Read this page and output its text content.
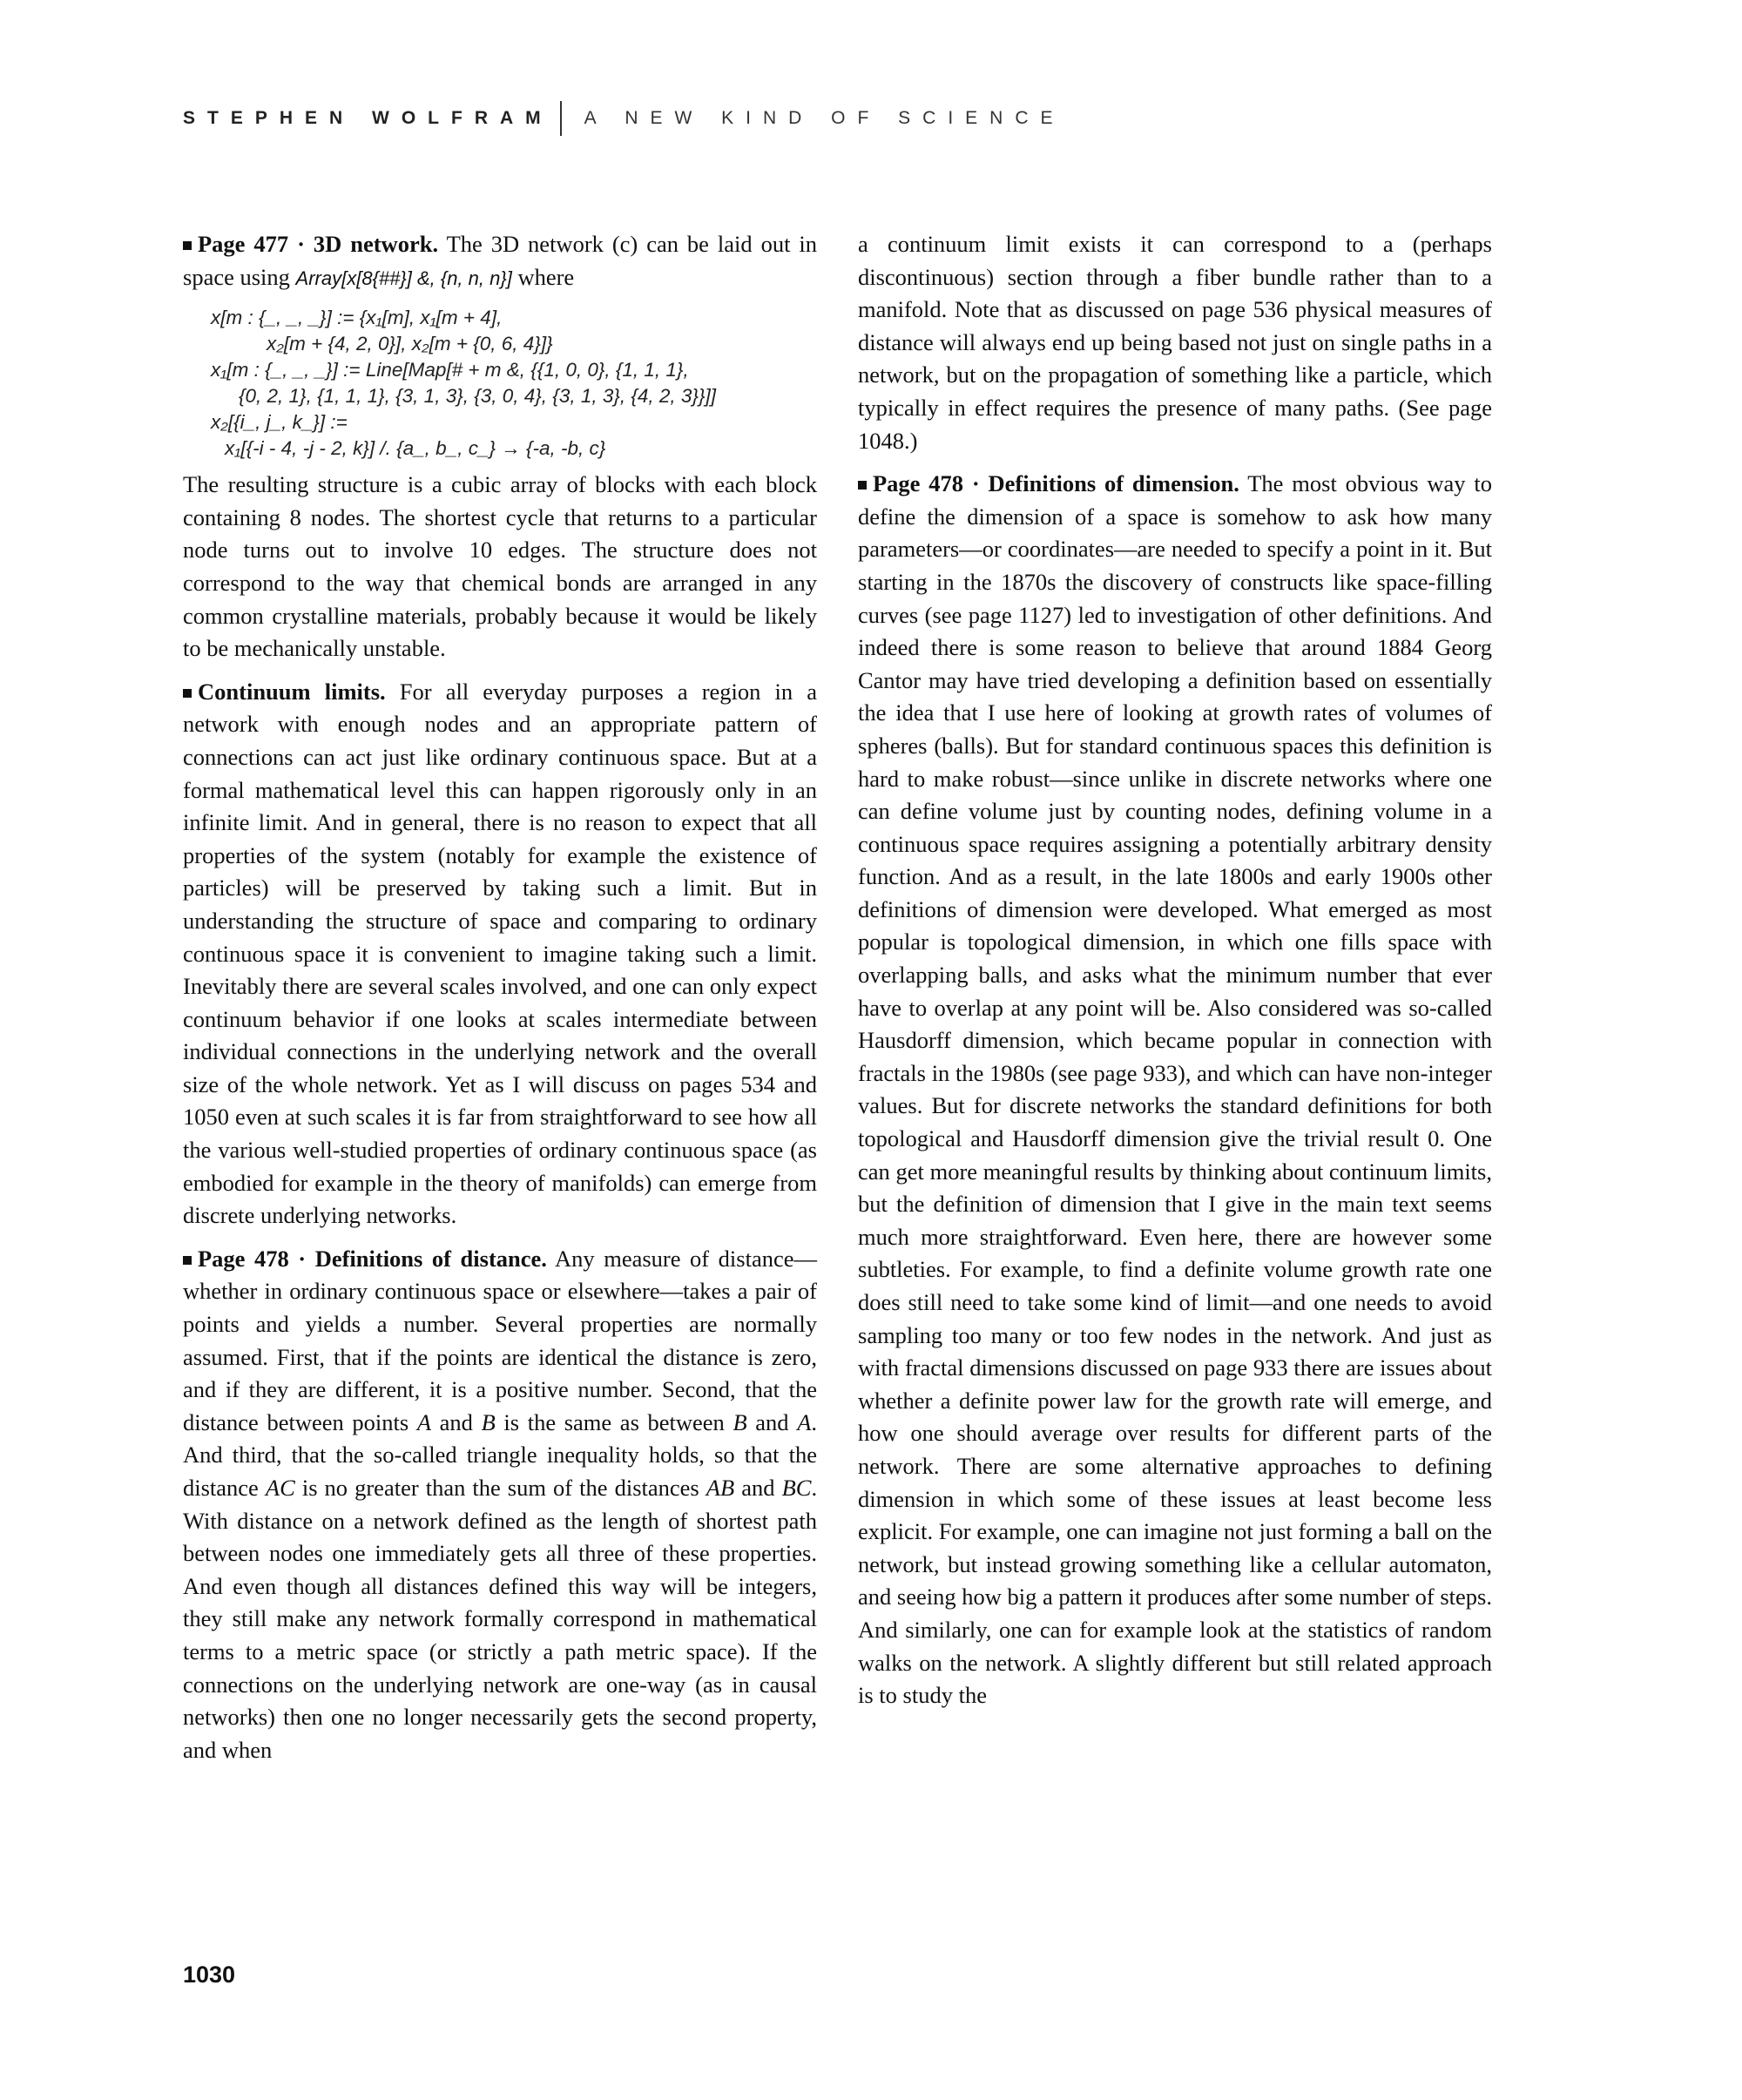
STEPHEN WOLFRAM A NEW KIND OF SCIENCE

Page 477 · 3D network. The 3D network (c) can be laid out in space using Array[x[8{##}] &, {n, n, n}] where

x[m : {_, _, _}] := {x₁[m], x₁[m + 4],
x₂[m + {4, 2, 0}], x₂[m + {0, 6, 4}]}
x₁[m : {_, _, _}] := Line[Map[# + m &, {{1, 0, 0}, {1, 1, 1},
{0, 2, 1}, {1, 1, 1}, {3, 1, 3}, {3, 0, 4}, {3, 1, 3}, {4, 2, 3}}]]
x₂[{i_, j_, k_}] :=
x₁[{-i - 4, -j - 2, k}] /. {a_, b_, c_} → {-a, -b, c}

The resulting structure is a cubic array of blocks with each block containing 8 nodes. The shortest cycle that returns to a particular node turns out to involve 10 edges. The structure does not correspond to the way that chemical bonds are arranged in any common crystalline materials, probably because it would be likely to be mechanically unstable.

Continuum limits. For all everyday purposes a region in a network with enough nodes and an appropriate pattern of connections can act just like ordinary continuous space. But at a formal mathematical level this can happen rigorously only in an infinite limit. And in general, there is no reason to expect that all properties of the system (notably for example the existence of particles) will be preserved by taking such a limit. But in understanding the structure of space and comparing to ordinary continuous space it is convenient to imagine taking such a limit. Inevitably there are several scales involved, and one can only expect continuum behavior if one looks at scales intermediate between individual connections in the underlying network and the overall size of the whole network. Yet as I will discuss on pages 534 and 1050 even at such scales it is far from straightforward to see how all the various well-studied properties of ordinary continuous space (as embodied for example in the theory of manifolds) can emerge from discrete underlying networks.

Page 478 · Definitions of distance. Any measure of distance—whether in ordinary continuous space or elsewhere—takes a pair of points and yields a number. Several properties are normally assumed. First, that if the points are identical the distance is zero, and if they are different, it is a positive number. Second, that the distance between points A and B is the same as between B and A. And third, that the so-called triangle inequality holds, so that the distance AC is no greater than the sum of the distances AB and BC. With distance on a network defined as the length of shortest path between nodes one immediately gets all three of these properties. And even though all distances defined this way will be integers, they still make any network formally correspond in mathematical terms to a metric space (or strictly a path metric space). If the connections on the underlying network are one-way (as in causal networks) then one no longer necessarily gets the second property, and when

a continuum limit exists it can correspond to a (perhaps discontinuous) section through a fiber bundle rather than to a manifold. Note that as discussed on page 536 physical measures of distance will always end up being based not just on single paths in a network, but on the propagation of something like a particle, which typically in effect requires the presence of many paths. (See page 1048.)

Page 478 · Definitions of dimension. The most obvious way to define the dimension of a space is somehow to ask how many parameters—or coordinates—are needed to specify a point in it. But starting in the 1870s the discovery of constructs like space-filling curves (see page 1127) led to investigation of other definitions. And indeed there is some reason to believe that around 1884 Georg Cantor may have tried developing a definition based on essentially the idea that I use here of looking at growth rates of volumes of spheres (balls). But for standard continuous spaces this definition is hard to make robust—since unlike in discrete networks where one can define volume just by counting nodes, defining volume in a continuous space requires assigning a potentially arbitrary density function. And as a result, in the late 1800s and early 1900s other definitions of dimension were developed. What emerged as most popular is topological dimension, in which one fills space with overlapping balls, and asks what the minimum number that ever have to overlap at any point will be. Also considered was so-called Hausdorff dimension, which became popular in connection with fractals in the 1980s (see page 933), and which can have non-integer values. But for discrete networks the standard definitions for both topological and Hausdorff dimension give the trivial result 0. One can get more meaningful results by thinking about continuum limits, but the definition of dimension that I give in the main text seems much more straightforward. Even here, there are however some subtleties. For example, to find a definite volume growth rate one does still need to take some kind of limit—and one needs to avoid sampling too many or too few nodes in the network. And just as with fractal dimensions discussed on page 933 there are issues about whether a definite power law for the growth rate will emerge, and how one should average over results for different parts of the network. There are some alternative approaches to defining dimension in which some of these issues at least become less explicit. For example, one can imagine not just forming a ball on the network, but instead growing something like a cellular automaton, and seeing how big a pattern it produces after some number of steps. And similarly, one can for example look at the statistics of random walks on the network. A slightly different but still related approach is to study the

1030
